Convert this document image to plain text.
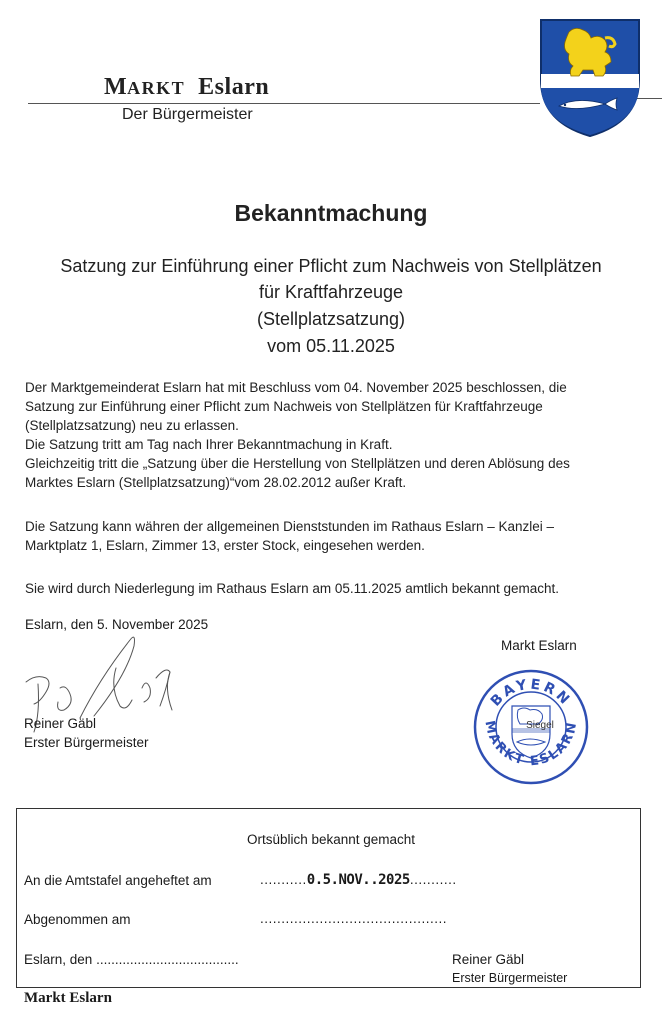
MARKT Eslarn
Der Bürgermeister
Bekanntmachung
Satzung zur Einführung einer Pflicht zum Nachweis von Stellplätzen
für Kraftfahrzeuge
(Stellplatzsatzung)
vom 05.11.2025
Der Marktgemeinderat Eslarn hat mit Beschluss vom 04. November 2025 beschlossen, die
Satzung zur Einführung einer Pflicht zum Nachweis von Stellplätzen für Kraftfahrzeuge
(Stellplatzsatzung) neu zu erlassen.
Die Satzung tritt am Tag nach Ihrer Bekanntmachung in Kraft.
Gleichzeitig tritt die „Satzung über die Herstellung von Stellplätzen und deren Ablösung des
Marktes Eslarn (Stellplatzsatzung)“vom 28.02.2012 außer Kraft.
Die Satzung kann währen der allgemeinen Dienststunden im Rathaus Eslarn – Kanzlei –
Marktplatz 1, Eslarn, Zimmer 13, erster Stock, eingesehen werden.
Sie wird durch Niederlegung im Rathaus Eslarn am 05.11.2025 amtlich bekannt gemacht.
Eslarn, den 5. November 2025
Markt Eslarn
Reiner Gäbl
Erster Bürgermeister
BAYERN
MARKT ESLARN
Siegel
Ortsüblich bekannt gemacht
An die Amtstafel angeheftet am	...........0.5.NOV..2025...........
Abgenommen am	............................................
Eslarn, den ......................................	Reiner Gäbl
Erster Bürgermeister
Markt Eslarn
